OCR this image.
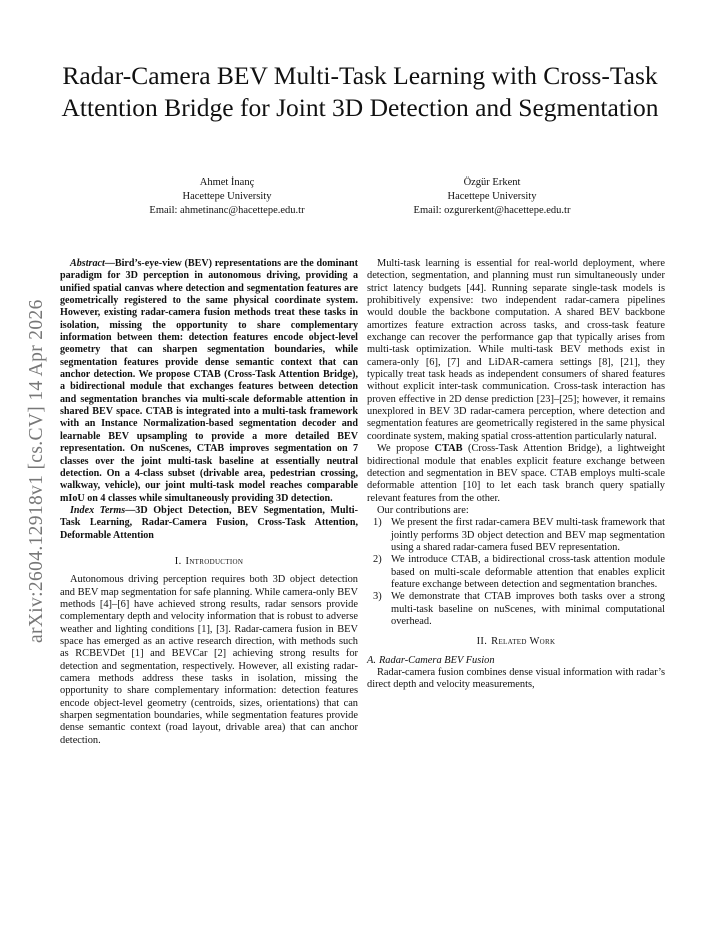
Radar-Camera BEV Multi-Task Learning with Cross-Task Attention Bridge for Joint 3D Detection and Segmentation
Ahmet İnanç
Hacettepe University
Email: ahmetinanc@hacettepe.edu.tr
Özgür Erkent
Hacettepe University
Email: ozgurerkent@hacettepe.edu.tr
arXiv:2604.12918v1 [cs.CV] 14 Apr 2026

Abstract—Bird’s-eye-view (BEV) representations are the dominant paradigm for 3D perception in autonomous driving, providing a unified spatial canvas where detection and segmentation features are geometrically registered to the same physical coordinate system. However, existing radar-camera fusion methods treat these tasks in isolation, missing the opportunity to share complementary information between them: detection features encode object-level geometry that can sharpen segmentation boundaries, while segmentation features provide dense semantic context that can anchor detection. We propose CTAB (Cross-Task Attention Bridge), a bidirectional module that exchanges features between detection and segmentation branches via multi-scale deformable attention in shared BEV space. CTAB is integrated into a multi-task framework with an Instance Normalization-based segmentation decoder and learnable BEV upsampling to provide a more detailed BEV representation. On nuScenes, CTAB improves segmentation on 7 classes over the joint multi-task baseline at essentially neutral detection. On a 4-class subset (drivable area, pedestrian crossing, walkway, vehicle), our joint multi-task model reaches comparable mIoU on 4 classes while simultaneously providing 3D detection.

Index Terms—3D Object Detection, BEV Segmentation, Multi-Task Learning, Radar-Camera Fusion, Cross-Task Attention, Deformable Attention

I. Introduction

Autonomous driving perception requires both 3D object detection and BEV map segmentation for safe planning. While camera-only BEV methods [4]–[6] have achieved strong results, radar sensors provide complementary depth and velocity information that is robust to adverse weather and lighting conditions [1], [3]. Radar-camera fusion in BEV space has emerged as an active research direction, with methods such as RCBEVDet [1] and BEVCar [2] achieving strong results for detection and segmentation, respectively. However, all existing radar-camera methods address these tasks in isolation, missing the opportunity to share complementary information: detection features encode object-level geometry (centroids, sizes, orientations) that can sharpen segmentation boundaries, while segmentation features provide dense semantic context (road layout, drivable area) that can anchor detection.

Multi-task learning is essential for real-world deployment, where detection, segmentation, and planning must run simultaneously under strict latency budgets [44]. Running separate single-task models is prohibitively expensive: two independent radar-camera pipelines would double the backbone computation. A shared BEV backbone amortizes feature extraction across tasks, and cross-task feature exchange can recover the performance gap that typically arises from multi-task optimization. While multi-task BEV methods exist in camera-only [6], [7] and LiDAR-camera settings [8], [21], they typically treat task heads as independent consumers of shared features without explicit inter-task communication. Cross-task interaction has proven effective in 2D dense prediction [23]–[25]; however, it remains unexplored in BEV 3D radar-camera perception, where detection and segmentation features are geometrically registered in the same physical coordinate system, making spatial cross-attention particularly natural.

We propose CTAB (Cross-Task Attention Bridge), a lightweight bidirectional module that enables explicit feature exchange between detection and segmentation in BEV space. CTAB employs multi-scale deformable attention [10] to let each task branch query spatially relevant features from the other.

Our contributions are:

1) We present the first radar-camera BEV multi-task framework that jointly performs 3D object detection and BEV map segmentation using a shared radar-camera fused BEV representation.
2) We introduce CTAB, a bidirectional cross-task attention module based on multi-scale deformable attention that enables explicit feature exchange between detection and segmentation branches.
3) We demonstrate that CTAB improves both tasks over a strong multi-task baseline on nuScenes, with minimal computational overhead.
II. Related Work
A. Radar-Camera BEV Fusion

Radar-camera fusion combines dense visual information with radar’s direct depth and velocity measurements,
